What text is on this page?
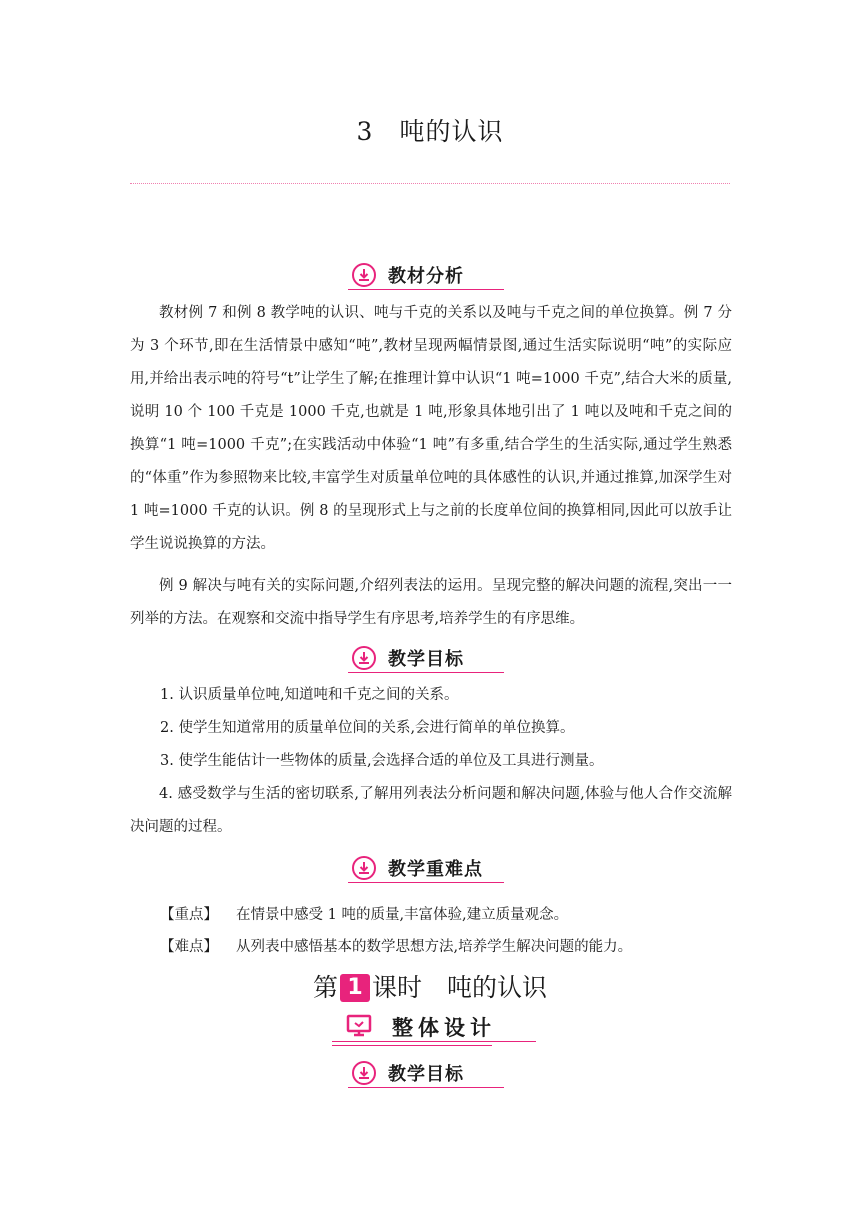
3　吨的认识
教材分析

教材例 7 和例 8 教学吨的认识、吨与千克的关系以及吨与千克之间的单位换算。例 7 分为 3 个环节,即在生活情景中感知“吨”,教材呈现两幅情景图,通过生活实际说明“吨”的实际应用,并给出表示吨的符号“t”让学生了解;在推理计算中认识“1 吨=1000 千克”,结合大米的质量,说明 10 个 100 千克是 1000 千克,也就是 1 吨,形象具体地引出了 1 吨以及吨和千克之间的换算“1 吨=1000 千克”;在实践活动中体验“1 吨”有多重,结合学生的生活实际,通过学生熟悉的“体重”作为参照物来比较,丰富学生对质量单位吨的具体感性的认识,并通过推算,加深学生对 1 吨=1000 千克的认识。例 8 的呈现形式上与之前的长度单位间的换算相同,因此可以放手让学生说说换算的方法。

例 9 解决与吨有关的实际问题,介绍列表法的运用。呈现完整的解决问题的流程,突出一一列举的方法。在观察和交流中指导学生有序思考,培养学生的有序思维。

教学目标

1. 认识质量单位吨,知道吨和千克之间的关系。

2. 使学生知道常用的质量单位间的关系,会进行简单的单位换算。

3. 使学生能估计一些物体的质量,会选择合适的单位及工具进行测量。

4. 感受数学与生活的密切联系,了解用列表法分析问题和解决问题,体验与他人合作交流解决问题的过程。

教学重难点
【重点】 在情景中感受 1 吨的质量,丰富体验,建立质量观念。
【难点】 从列表中感悟基本的数学思想方法,培养学生解决问题的能力。
第 1 课时　吨的认识
整体设计
教学目标
